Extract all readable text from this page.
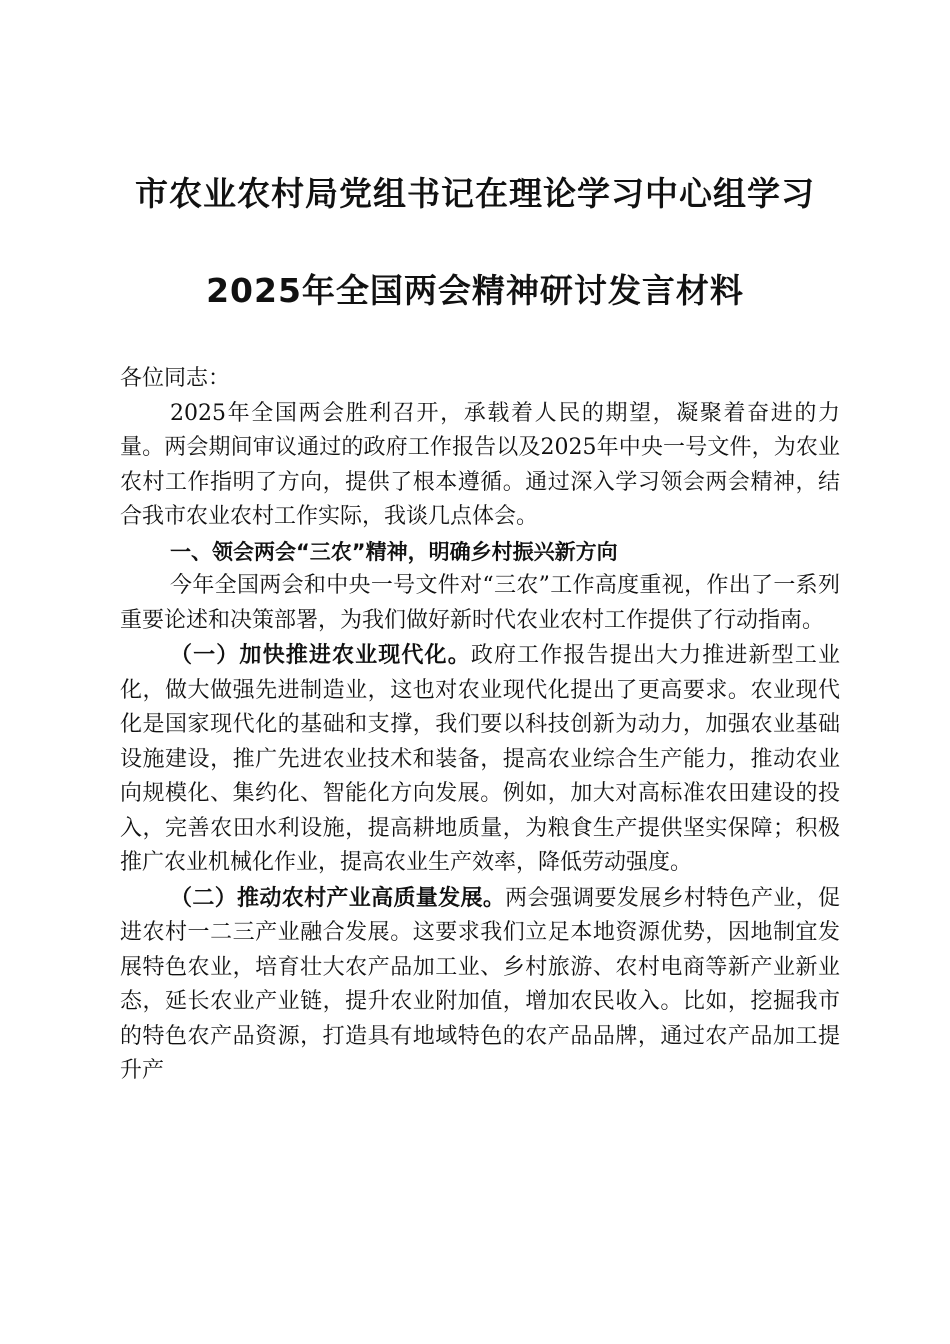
市农业农村局党组书记在理论学习中心组学习
2025年全国两会精神研讨发言材料

各位同志：

2025年全国两会胜利召开，承载着人民的期望，凝聚着奋进的力量。两会期间审议通过的政府工作报告以及2025年中央一号文件，为农业农村工作指明了方向，提供了根本遵循。通过深入学习领会两会精神，结合我市农业农村工作实际，我谈几点体会。

一、领会两会“三农”精神，明确乡村振兴新方向

今年全国两会和中央一号文件对“三农”工作高度重视，作出了一系列重要论述和决策部署，为我们做好新时代农业农村工作提供了行动指南。

（一）加快推进农业现代化。政府工作报告提出大力推进新型工业化，做大做强先进制造业，这也对农业现代化提出了更高要求。农业现代化是国家现代化的基础和支撑，我们要以科技创新为动力，加强农业基础设施建设，推广先进农业技术和装备，提高农业综合生产能力，推动农业向规模化、集约化、智能化方向发展。例如，加大对高标准农田建设的投入，完善农田水利设施，提高耕地质量，为粮食生产提供坚实保障；积极推广农业机械化作业，提高农业生产效率，降低劳动强度。

（二）推动农村产业高质量发展。两会强调要发展乡村特色产业，促进农村一二三产业融合发展。这要求我们立足本地资源优势，因地制宜发展特色农业，培育壮大农产品加工业、乡村旅游、农村电商等新产业新业态，延长农业产业链，提升农业附加值，增加农民收入。比如，挖掘我市的特色农产品资源，打造具有地域特色的农产品品牌，通过农产品加工提升产
